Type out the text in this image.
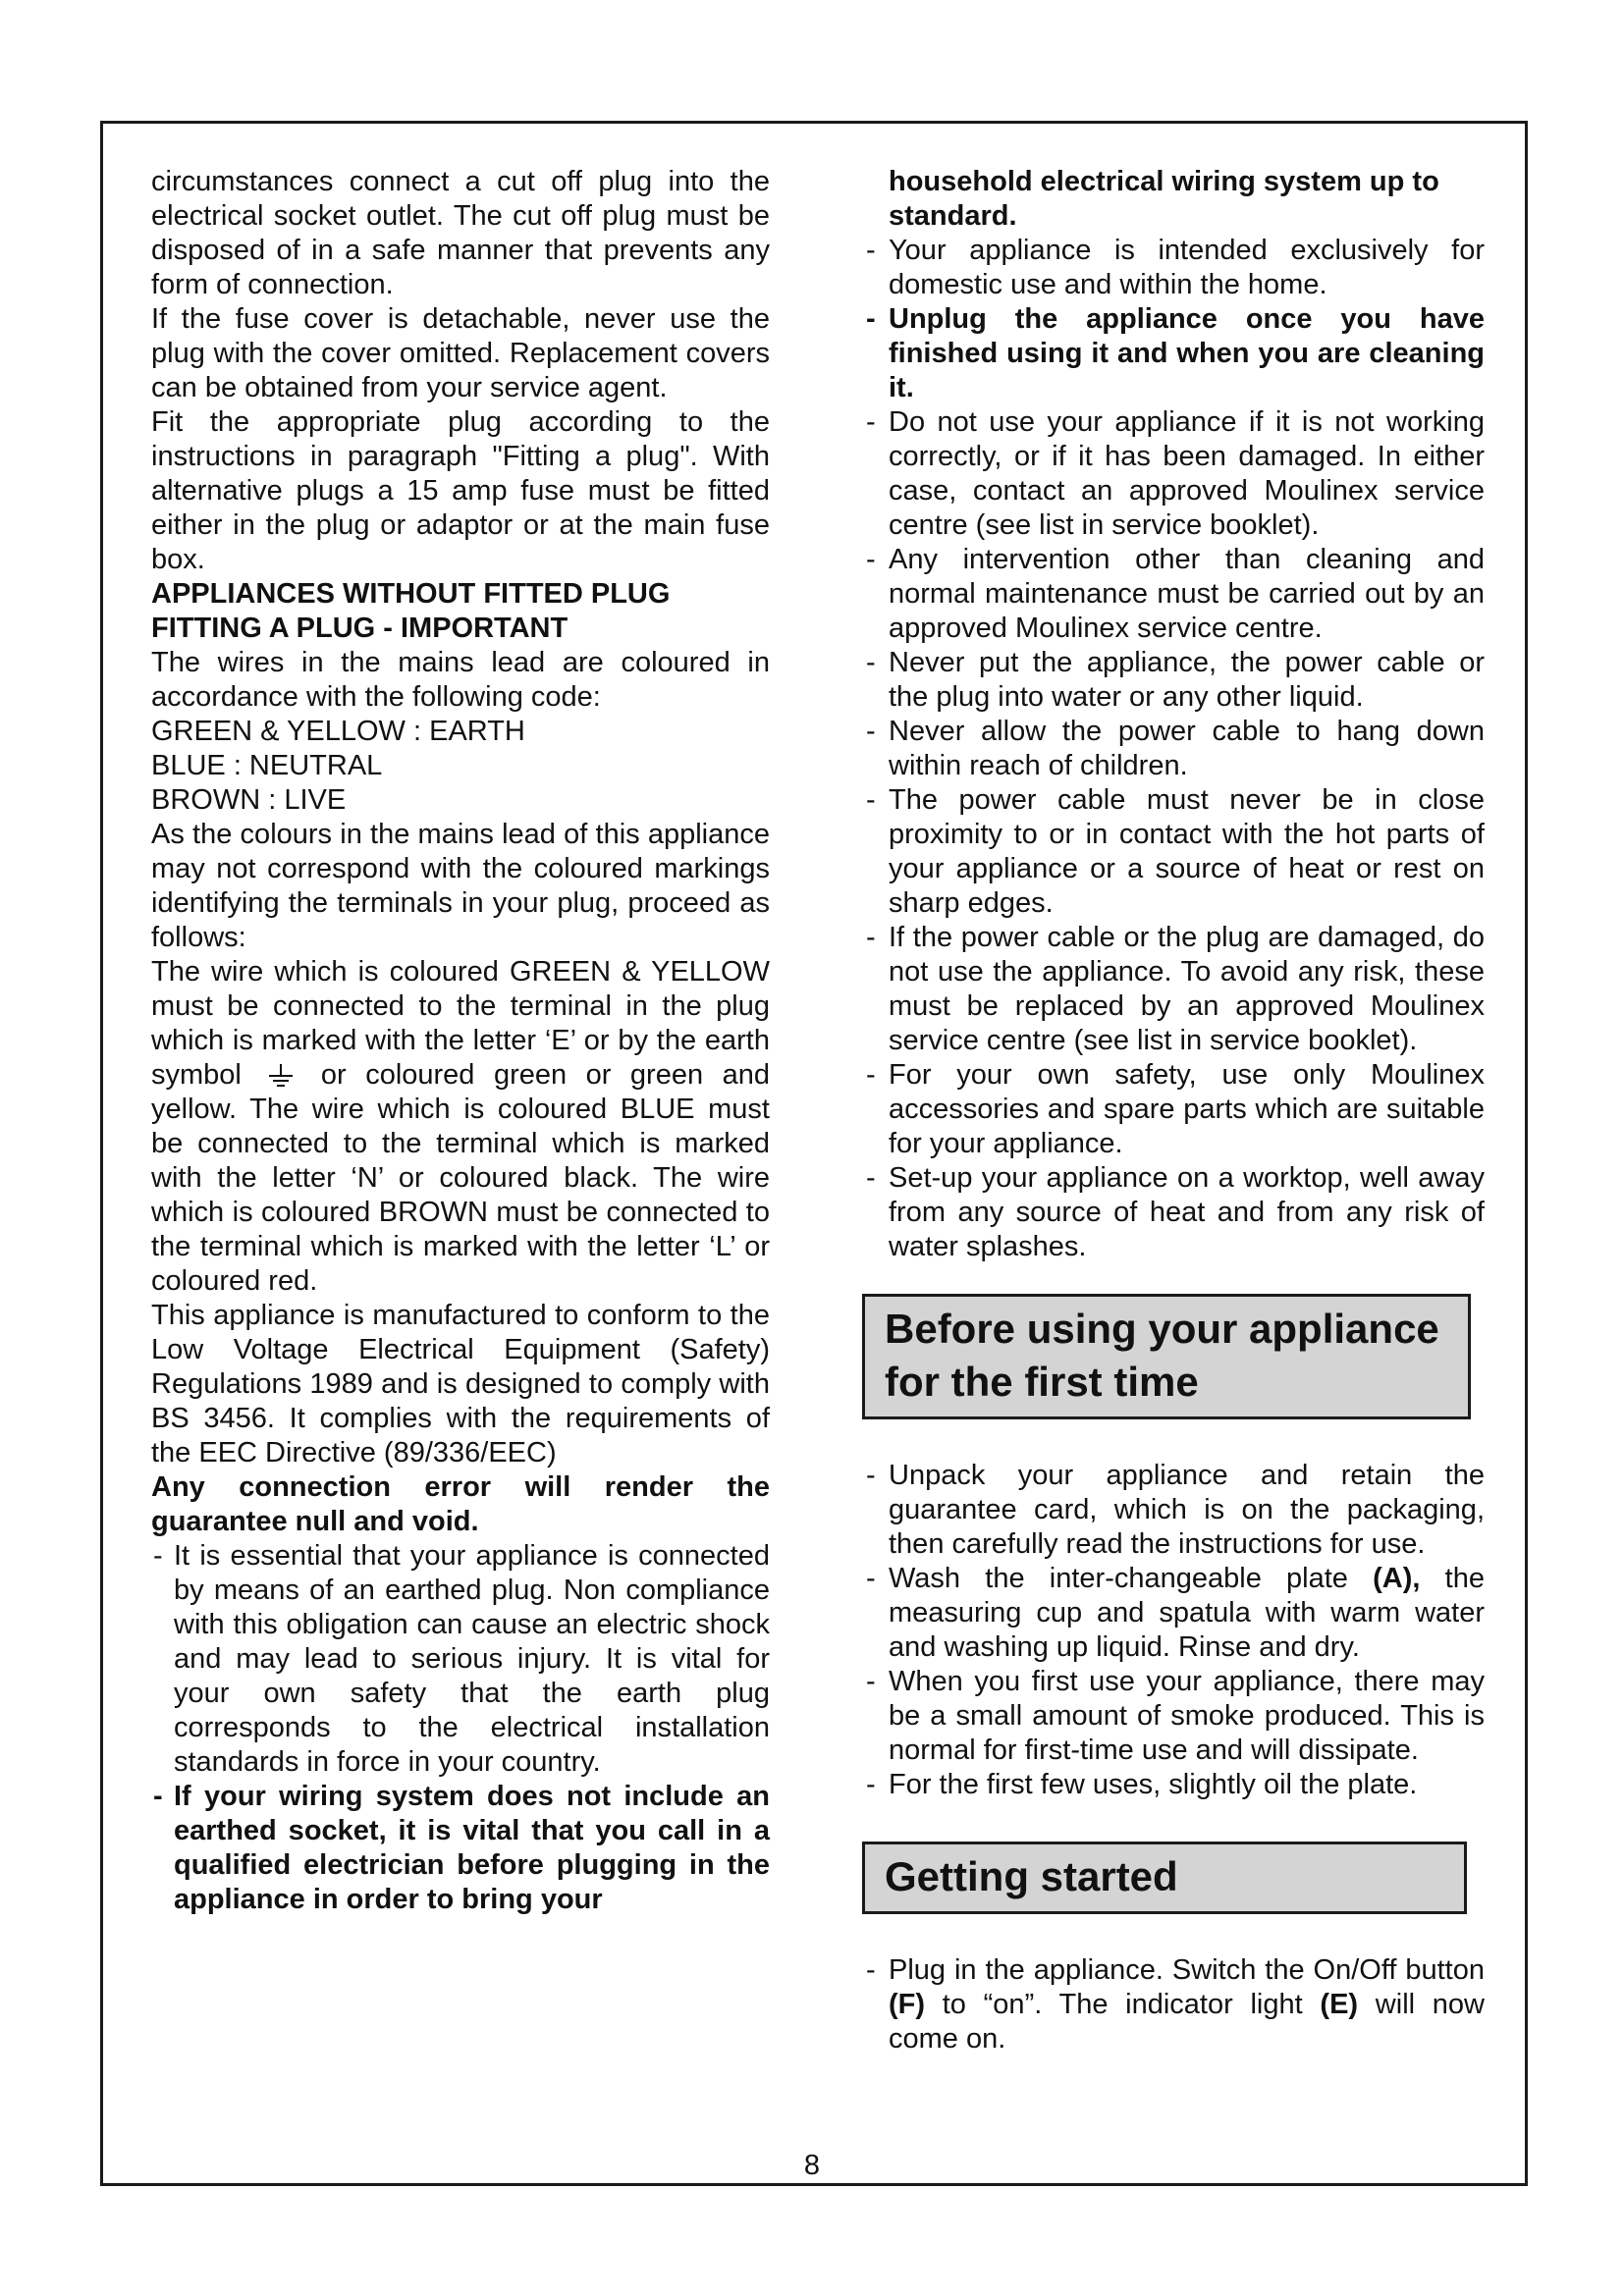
circumstances connect a cut off plug into the electrical socket outlet. The cut off plug must be disposed of in a safe manner that prevents any form of connection.

If the fuse cover is detachable, never use the plug with the cover omitted. Replacement covers can be obtained from your service agent.

Fit the appropriate plug according to the instructions in paragraph "Fitting a plug". With alternative plugs a 15 amp fuse must be fitted either in the plug or adaptor or at the main fuse box.

APPLIANCES WITHOUT FITTED PLUG

FITTING A PLUG - IMPORTANT

The wires in the mains lead are coloured in accordance with the following code:

GREEN & YELLOW : EARTH

BLUE : NEUTRAL

BROWN : LIVE

As the colours in the mains lead of this appliance may not correspond with the coloured markings identifying the terminals in your plug, proceed as follows:

The wire which is coloured GREEN & YELLOW must be connected to the terminal in the plug which is marked with the letter ‘E’ or by the earth symbol	or coloured green or green and yellow. The wire which is coloured BLUE must be connected to the terminal which is marked with the letter ‘N’ or coloured black. The wire which is coloured BROWN must be connected to the terminal which is marked with the letter ‘L’ or coloured red.

This appliance is manufactured to conform to the Low Voltage Electrical Equipment (Safety) Regulations 1989 and is designed to comply with BS 3456. It complies with the requirements of the EEC Directive (89/336/EEC)

Any connection error will render the guarantee null and void.

- It is essential that your appliance is connected by means of an earthed plug. Non compliance with this obligation can cause an electric shock and may lead to serious injury. It is vital for your own safety that the earth plug corresponds to the electrical installation standards in force in your country.

- If your wiring system does not include an earthed socket, it is vital that you call in a qualified electrician before plugging in the appliance in order to bring your

household electrical wiring system up to standard.

- Your appliance is intended exclusively for domestic use and within the home.

- Unplug the appliance once you have finished using it and when you are cleaning it.

- Do not use your appliance if it is not working correctly, or if it has been damaged. In either case, contact an approved Moulinex service centre (see list in service booklet).

- Any intervention other than cleaning and normal maintenance must be carried out by an approved Moulinex service centre.

- Never put the appliance, the power cable or the plug into water or any other liquid.

- Never allow the power cable to hang down within reach of children.

- The power cable must never be in close proximity to or in contact with the hot parts of your appliance or a source of heat or rest on sharp edges.

- If the power cable or the plug are damaged, do not use the appliance. To avoid any risk, these must be replaced by an approved Moulinex service centre (see list in service booklet).

- For your own safety, use only Moulinex accessories and spare parts which are suitable for your appliance.

- Set-up your appliance on a worktop, well away from any source of heat and from any risk of water splashes.

Before using your appliance for the first time

- Unpack your appliance and retain the guarantee card, which is on the packaging, then carefully read the instructions for use.

- Wash the inter-changeable plate (A), the measuring cup and spatula with warm water and washing up liquid. Rinse and dry.

- When you first use your appliance, there may be a small amount of smoke produced. This is normal for first-time use and will dissipate.

- For the first few uses, slightly oil the plate.

Getting started

- Plug in the appliance. Switch the On/Off button (F) to “on”. The indicator light (E) will now come on.

8
